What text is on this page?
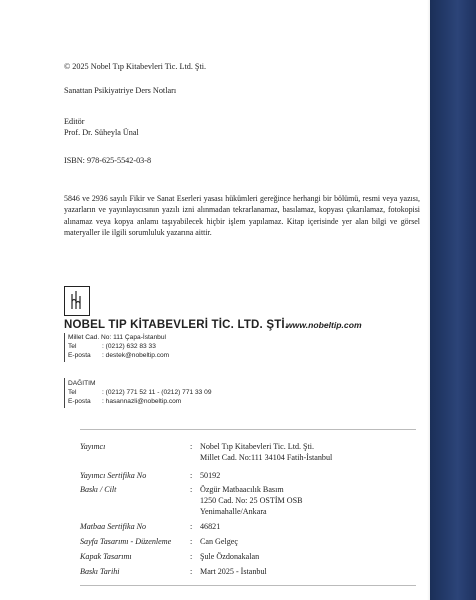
© 2025 Nobel Tıp Kitabevleri Tic. Ltd. Şti.
Sanattan Psikiyatriye Ders Notları
Editör
Prof. Dr. Süheyla Ünal
ISBN: 978-625-5542-03-8
5846 ve 2936 sayılı Fikir ve Sanat Eserleri yasası hükümleri gereğince herhangi bir bölümü, resmi veya yazısı, yazarların ve yayınlayıcısının yazılı izni alınmadan tekrarlanamaz, basılamaz, kopyası çıkarılamaz, fotokopisi alınamaz veya kopya anlamı taşıyabilecek hiçbir işlem yapılamaz. Kitap içerisinde yer alan bilgi ve görsel materyaller ile ilgili sorumluluk yazarına aittir.
NOBEL TIP KİTABEVLERİ TİC. LTD. ŞTİ.
www.nobeltip.com
Millet Cad. No: 111 Çapa-İstanbul
Tel	: (0212) 632 83 33
E-posta : destek@nobeltip.com
DAĞITIM
Tel	: (0212) 771 52 11 - (0212) 771 33 09
E-posta : hasannazli@nobeltip.com
Yayımcı	: Nobel Tıp Kitabevleri Tic. Ltd. Şti.
Millet Cad. No:111 34104 Fatih-İstanbul
Yayımcı Sertifika No	: 50192
Baskı / Cilt	: Özgür Matbaacılık Basım
1250 Cad. No: 25 OSTİM OSB
Yenimahalle/Ankara
Matbaa Sertifika No	: 46821
Sayfa Tasarımı - Düzenleme : Can Gelgeç
Kapak Tasarımı	: Şule Özdonakalan
Baskı Tarihi	: Mart 2025 - İstanbul
